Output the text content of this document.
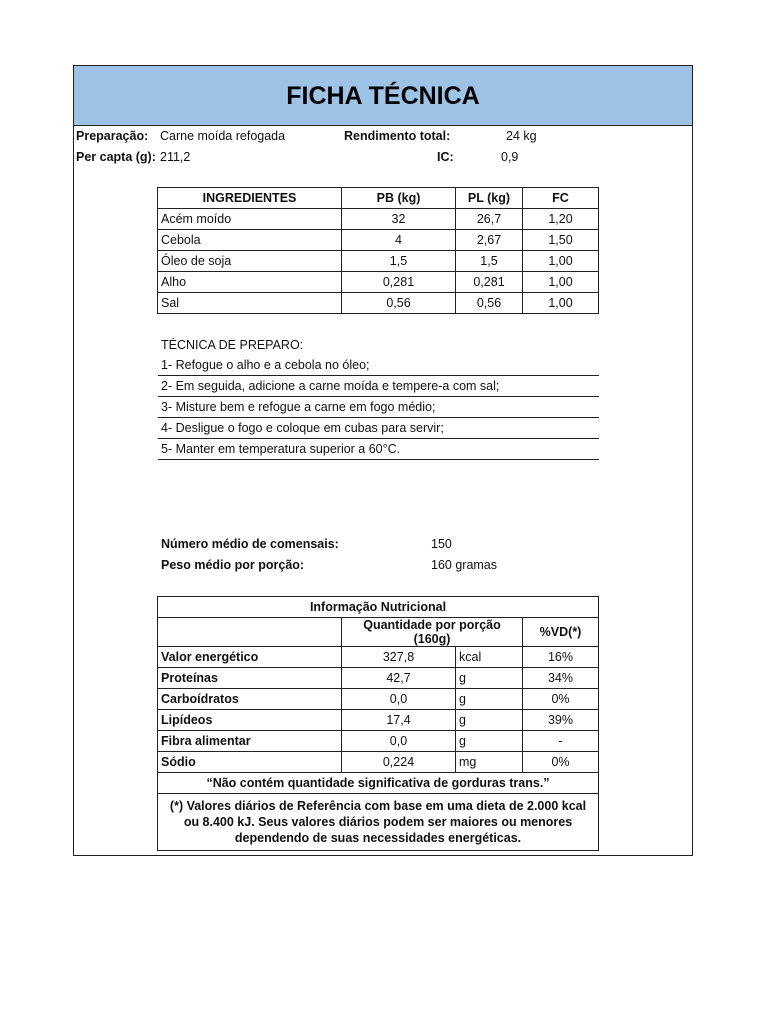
FICHA TÉCNICA
Preparação: Carne moída refogada	Rendimento total:	24 kg
Per capta (g): 211,2	IC:	0,9
INGREDIENTES	PB (kg)	PL (kg)	FC
Acém moído	32	26,7	1,20
Cebola	4	2,67	1,50
Óleo de soja	1,5	1,5	1,00
Alho	0,281	0,281	1,00
Sal	0,56	0,56	1,00
TÉCNICA DE PREPARO:
1- Refogue o alho e a cebola no óleo;
2- Em seguida, adicione a carne moída e tempere-a com sal;
3- Misture bem e refogue a carne em fogo médio;
4- Desligue o fogo e coloque em cubas para servir;
5- Manter em temperatura superior a 60°C.
Número médio de comensais:	150
Peso médio por porção:	160 gramas
Informação Nutricional			
	Quantidade por porção (160g)		%VD(*)
Valor energético	327,8	kcal	16%
Proteínas	42,7	g	34%
Carboídratos	0,0	g	0%
Lipídeos	17,4	g	39%
Fibra alimentar	0,0	g	-
Sódio	0,224	mg	0%
“Não contém quantidade significativa de gorduras trans.”			
(*) Valores diários de Referência com base em uma dieta de 2.000 kcal ou 8.400 kJ. Seus valores diários podem ser maiores ou menores dependendo de suas necessidades energéticas.			
